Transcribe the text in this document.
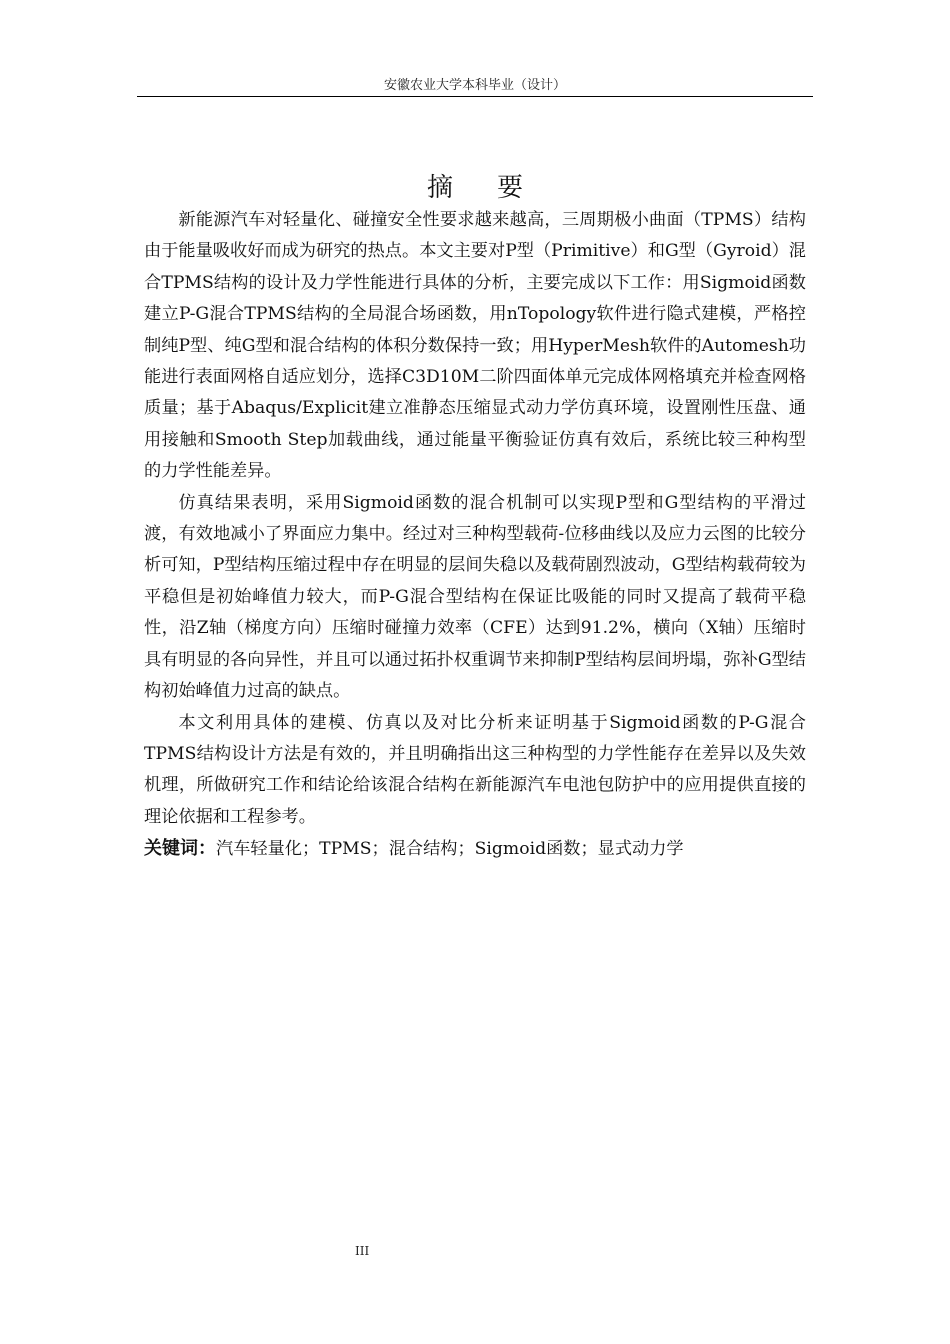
安徽农业大学本科毕业（设计）
摘要

新能源汽车对轻量化、碰撞安全性要求越来越高，三周期极小曲面（TPMS）结构由于能量吸收好而成为研究的热点。本文主要对P型（Primitive）和G型（Gyroid）混合TPMS结构的设计及力学性能进行具体的分析，主要完成以下工作：用Sigmoid函数建立P-G混合TPMS结构的全局混合场函数，用nTopology软件进行隐式建模，严格控制纯P型、纯G型和混合结构的体积分数保持一致；用HyperMesh软件的Automesh功能进行表面网格自适应划分，选择C3D10M二阶四面体单元完成体网格填充并检查网格质量；基于Abaqus/Explicit建立准静态压缩显式动力学仿真环境，设置刚性压盘、通用接触和Smooth Step加载曲线，通过能量平衡验证仿真有效后，系统比较三种构型的力学性能差异。

仿真结果表明，采用Sigmoid函数的混合机制可以实现P型和G型结构的平滑过渡，有效地减小了界面应力集中。经过对三种构型载荷-位移曲线以及应力云图的比较分析可知，P型结构压缩过程中存在明显的层间失稳以及载荷剧烈波动，G型结构载荷较为平稳但是初始峰值力较大，而P-G混合型结构在保证比吸能的同时又提高了载荷平稳性，沿Z轴（梯度方向）压缩时碰撞力效率（CFE）达到91.2%，横向（X轴）压缩时具有明显的各向异性，并且可以通过拓扑权重调节来抑制P型结构层间坍塌，弥补G型结构初始峰值力过高的缺点。

本文利用具体的建模、仿真以及对比分析来证明基于Sigmoid函数的P-G混合TPMS结构设计方法是有效的，并且明确指出这三种构型的力学性能存在差异以及失效机理，所做研究工作和结论给该混合结构在新能源汽车电池包防护中的应用提供直接的理论依据和工程参考。

关键词：汽车轻量化；TPMS；混合结构；Sigmoid函数；显式动力学

III
